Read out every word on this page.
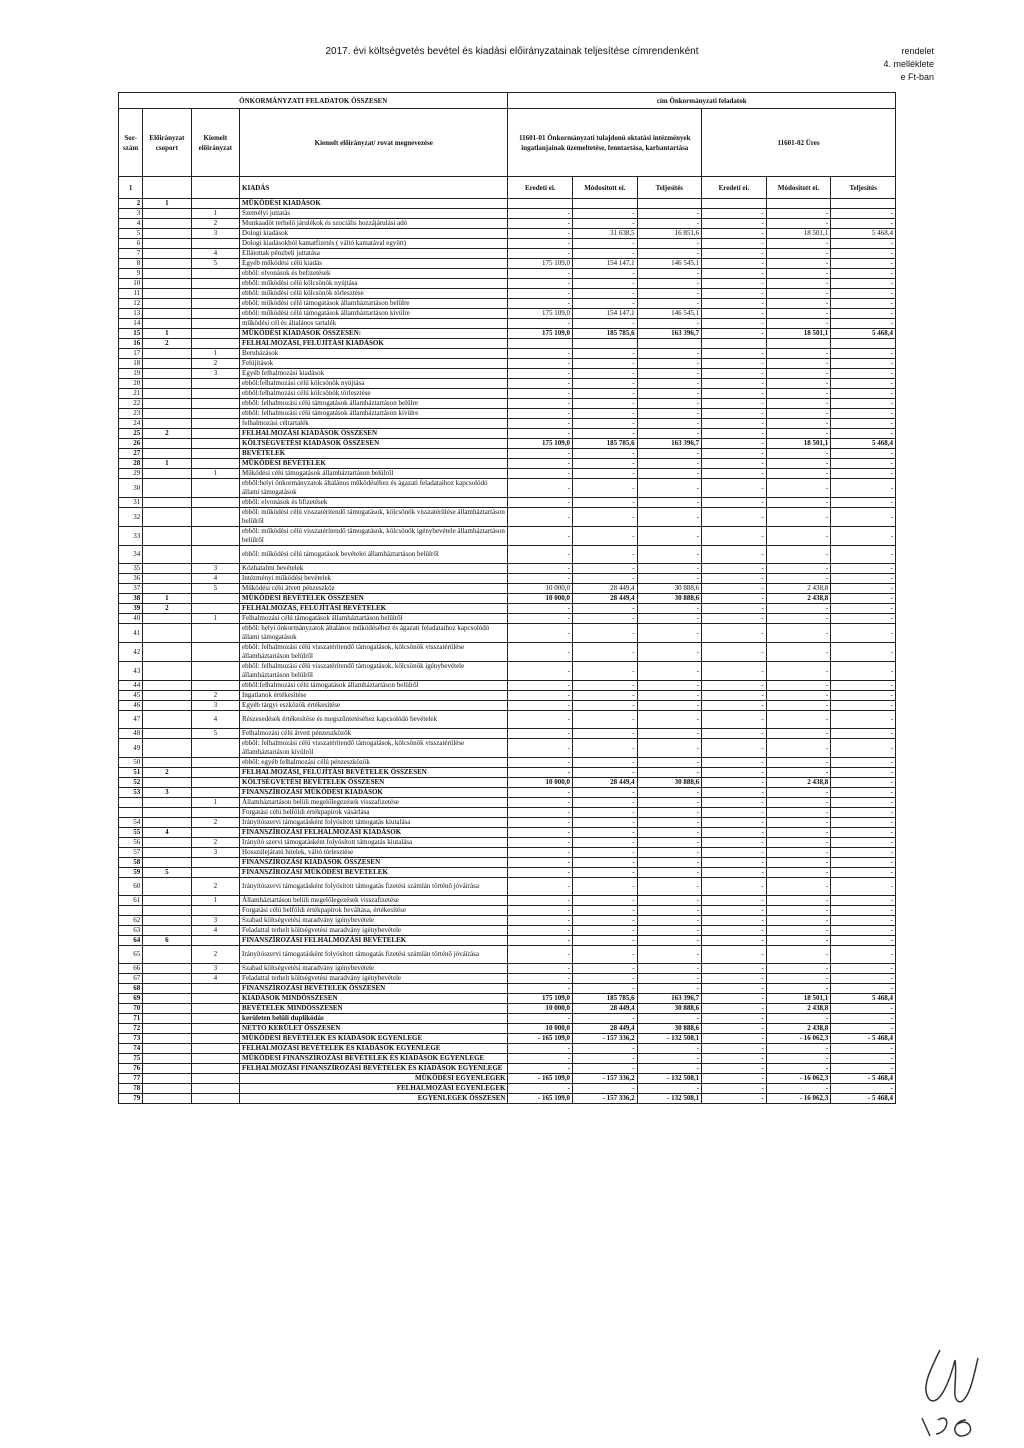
2017. évi költségvetés bevétel és kiadási előirányzatainak teljesítése címrendenként	rendelet
4. melléklete
e Ft-ban
ÖNKORMÁNYZATI FELADATOK ÖSSZESEN				cím Önkormányzati feladatok					
Sor-szám	Előirányzat csoport	Kiemelt előirányzat	Kiemelt előirányzat/ rovat megnevezése	11601-01 Önkormányzati tulajdonú oktatási intézmények ingatlanjainak üzemeltetése, fenntartása, karbantartása			11601-02 Üres		
1			KIADÁS	Eredeti ei.	Módosított ei.	Teljesítés	Eredeti ei.	Módosított ei.	Teljesítés
2	1		MŰKÖDÉSI KIADÁSOK						
3		1	Személyi juttatás	-	-	-	-	-	-
4		2	Munkaadót terhelő járulékok és szociális hozzájárulási adó	-	-	-	-	-	-
5		3	Dologi kiadások	-	31 638,5	16 851,6	-	18 501,1	5 468,4
6			Dologi kiadásokból kamatfizetés ( váltó kamatával együtt)	-	-	-	-	-	-
7		4	Ellátottak pénzbeli juttatása	-	-	-	-	-	-
8		5	Egyéb működési célú kiadás	175 109,0	154 147,1	146 545,1	-	-	-
9			ebből: elvonások és befizetések	-	-	-	-	-	-
10			ebből: működési célú kölcsönök nyújtása	-	-	-	-	-	-
11			ebből: működési célú kölcsönök törlesztése	-	-	-	-	-	-
12			ebből: működési célú támogatások államháztartáson belülre	-	-	-	-	-	-
13			ebből: működési célú támogatások államháztartáson kívülre	175 109,0	154 147,1	146 545,1	-	-	-
14			működési cél és általános tartalék	-	-	-	-	-	-
15	1		MŰKÖDÉSI KIADÁSOK ÖSSZESEN:	175 109,0	185 785,6	163 396,7	-	18 501,1	5 468,4
16	2		FELHALMOZÁSI, FELÚJÍTÁSI KIADÁSOK						
17		1	Beruházások	-	-	-	-	-	-
18		2	Felújítások	-	-	-	-	-	-
19		3	Egyéb felhalmozási kiadások	-	-	-	-	-	-
20			ebből:felhalmozási célú kölcsönök nyújtása	-	-	-	-	-	-
21			ebből:felhalmozási célú kölcsönök törlesztése	-	-	-	-	-	-
22			ebből: felhalmozási célú támogatások államháztartáson belülre	-	-	-	-	-	-
23			ebből: felhalmozási célú támogatások államháztartáson kívülre	-	-	-	-	-	-
24			felhalmozási céltartalék	-	-	-	-	-	-
25	2		FELHALMOZÁSI KIADÁSOK ÖSSZESEN	-	-	-	-	-	-
26			KÖLTSÉGVETÉSI KIADÁSOK ÖSSZESEN	175 109,0	185 785,6	163 396,7	-	18 501,1	5 468,4
27			BEVÉTELEK	-	-	-	-	-	-
28	1		MŰKÖDÉSI BEVÉTELEK	-	-	-	-	-	-
29		1	Működési célú támogatások államháztartáson belülről	-	-	-	-	-	-
30			ebből:helyi önkormányzatok általános működéséhez és ágazati feladataihoz kapcsolódó állami támogatások	-	-	-	-	-	-
31			ebből: elvonások és bfizetések	-	-	-	-	-	-
32			ebből: működési célú visszatérítendő támogatások, kölcsönök visszatérülése államháztartáson belülről	-	-	-	-	-	-
33			ebből: működési célú visszatérítendő támogatások, kölcsönök igénybevétele államháztartáson belülről	-	-	-	-	-	-
34			ebből: működési célú támogatások bevételei államháztartáson belülről	-	-	-	-	-	-
35		3	Közhatalmi bevételek	-	-	-	-	-	-
36		4	Intézményi működési bevételek	-	-	-	-	-	-
37		5	Működési célú átvett pénzeszköz	10 000,0	28 449,4	30 888,6	-	2 438,8	-
38	1		MŰKÖDÉSI BEVÉTELEK ÖSSZESEN	10 000,0	28 449,4	30 888,6	-	2 438,8	-
39	2		FELHALMOZÁS, FELÚJÍTÁSI BEVÉTELEK	-	-	-	-	-	-
40		1	Felhalmozási célú támogatások államháztartáson belülről	-	-	-	-	-	-
41			ebből: helyi önkormányzatok általános működéséhez és ágazati feladataihoz kapcsolódó állami támogatások	-	-	-	-	-	-
42			ebből: felhalmozási célú visszatérítendő támogatások, kölcsönök visszatérülése államháztartáson belülről	-	-	-	-	-	-
43			ebből: felhalmozási célú visszatérítendő támogatások, kölcsönök igénybevétele államháztartáson belülről	-	-	-	-	-	-
44			ebből:felhalmozási célú támogatások államháztartáson belülről	-	-	-	-	-	-
45		2	Ingatlanok értékesítése	-	-	-	-	-	-
46		3	Egyéb tárgyi eszközök értékesítése	-	-	-	-	-	-
47		4	Részesedések értékesítése és megszűntetéséhez kapcsolódó bevételek	-	-	-	-	-	-
48		5	Felhalmozási célú átvett pénzeszközök	-	-	-	-	-	-
49			ebből: felhalmozási célú visszatérítendő támogatások, kölcsönök visszatérülése államháztartáson kívülről	-	-	-	-	-	-
50			ebből: egyéb felhalmozási célú pénzeszközök	-	-	-	-	-	-
51	2		FELHALMOZÁSI, FELÚJÍTÁSI BEVÉTELEK ÖSSZESEN	-	-	-	-	-	-
52			KÖLTSÉGVETÉSI BEVÉTELEK ÖSSZESEN	10 000,0	28 449,4	30 888,6	-	2 438,8	-
53	3		FINANSZÍROZÁSI MŰKÖDÉSI KIADÁSOK	-	-	-	-	-	-
		1	Államháztartáson belüli megelőlegezések visszafizetése	-	-	-	-	-	-
			Forgatási célú belföldi értékpapírok vásárlása	-	-	-	-	-	-
54		2	Irányítószervi támogatásként folyósított támogatás kiutalása	-	-	-	-	-	-
55	4		FINANSZÍROZÁSI FELHALMOZÁSI KIADÁSOK	-	-	-	-	-	-
56		2	Irányító szervi támogatásként folyósított támogatás kiutalása	-	-	-	-	-	-
57		3	Hosszúlejáratú hitelek, váltó törlesztése	-	-	-	-	-	-
58			FINANSZÍROZÁSI KIADÁSOK ÖSSZESEN	-	-	-	-	-	-
59	5		FINANSZÍROZÁSI MŰKÖDÉSI BEVÉTELEK	-	-	-	-	-	-
60		2	Irányítószervi támogatásként folyósított támogatás fizetési számlán történő jóváírása	-	-	-	-	-	-
61		1	Államháztartáson belüli megelőlegezések visszafizetése	-	-	-	-	-	-
			Forgatási célú belföldi értékpapírok beváltása, értékesítése	-	-	-	-	-	-
62		3	Szabad költségvetési maradvány igénybevétele	-	-	-	-	-	-
63		4	Feladattal terhelt költségvetési maradvány igénybevétele	-	-	-	-	-	-
64	6		FINANSZÍROZÁSI FELHALMOZÁSI BEVÉTELEK	-	-	-	-	-	-
65		2	Irányítószervi támogatásként folyósított támogatás fizetési számlán történő jóváírása	-	-	-	-	-	-
66		3	Szabad költségvetési maradvány igénybevétele	-	-	-	-	-	-
67		4	Feladattal terhelt költségvetési maradvány igénybevétele	-	-	-	-	-	-
68			FINANSZÍROZÁSI BEVÉTELEK ÖSSZESEN	-	-	-	-	-	-
69			KIADÁSOK MINDÖSSZESEN	175 109,0	185 785,6	163 396,7	-	18 501,1	5 468,4
70			BEVÉTELEK MINDÖSSZESEN	10 000,0	28 449,4	30 888,6	-	2 438,8	-
71			kerületen belüli duplikódás	-	-	-	-	-	-
72			NETTÓ KERÜLET ÖSSZESEN	10 000,0	28 449,4	30 888,6	-	2 438,8	-
73			MŰKÖDÉSI BEVÉTELEK ÉS KIADÁSOK EGYENLEGE	- 165 109,0	- 157 336,2	- 132 508,1	-	- 16 062,3	- 5 468,4
74			FELHALMOZÁSI BEVÉTELEK ÉS KIADÁSOK EGYENLEGE	-	-	-	-	-	-
75			MŰKÖDÉSI FINANSZÍROZÁSI BEVÉTELEK ÉS KIADÁSOK EGYENLEGE	-	-	-	-	-	-
76			FELHALMOZÁSI FINANSZÍROZÁSI BEVÉTELEK ÉS KIADÁSOK EGYENLEGE	-	-	-	-	-	-
77			MŰKÖDÉSI EGYENLEGEK	- 165 109,0	- 157 336,2	- 132 508,1	-	- 16 062,3	- 5 468,4
78			FELHALMOZÁSI EGYENLEGEK	-	-	-	-	-	-
79			EGYENLEGEK ÖSSZESEN	- 165 109,0	- 157 336,2	- 132 508,1	-	- 16 062,3	- 5 468,4
